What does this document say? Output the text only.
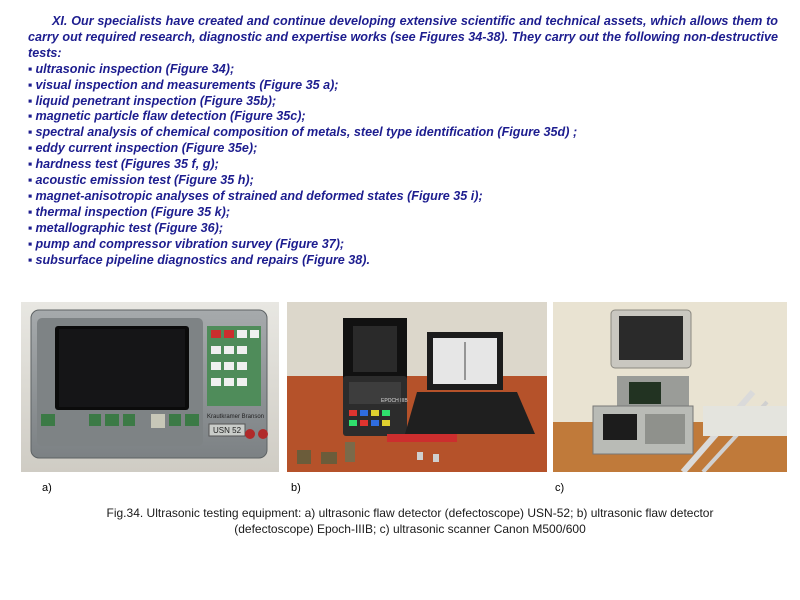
XI. Our specialists have created and continue developing extensive scientific and technical assets, which allows them to carry out required research, diagnostic and expertise works (see Figures 34-38). They carry out the following non-destructive tests:

▪ ultrasonic inspection (Figure 34);
▪ visual inspection and measurements (Figure 35 a);
▪ liquid penetrant inspection (Figure 35b);
▪ magnetic particle flaw detection (Figure 35c);
▪ spectral analysis of chemical composition of metals, steel type identification (Figure 35d) ;
▪ eddy current inspection (Figure 35e);
▪ hardness test (Figures 35 f, g);
▪ acoustic emission test (Figure 35 h);
▪ magnet-anisotropic analyses of strained and deformed states (Figure 35 i);
▪ thermal inspection (Figure 35 k);
▪ metallographic test (Figure 36);
▪ pump and compressor vibration survey (Figure 37);
▪ subsurface pipeline diagnostics and repairs (Figure 38).
Krautkramer Branson
USN 52
EPOCH IIIB
a)	b)	c)
Fig.34. Ultrasonic testing equipment: a) ultrasonic flaw detector (defectoscope) USN-52; b) ultrasonic flaw detector
(defectoscope) Epoch-IIIB; c) ultrasonic scanner Canon M500/600
